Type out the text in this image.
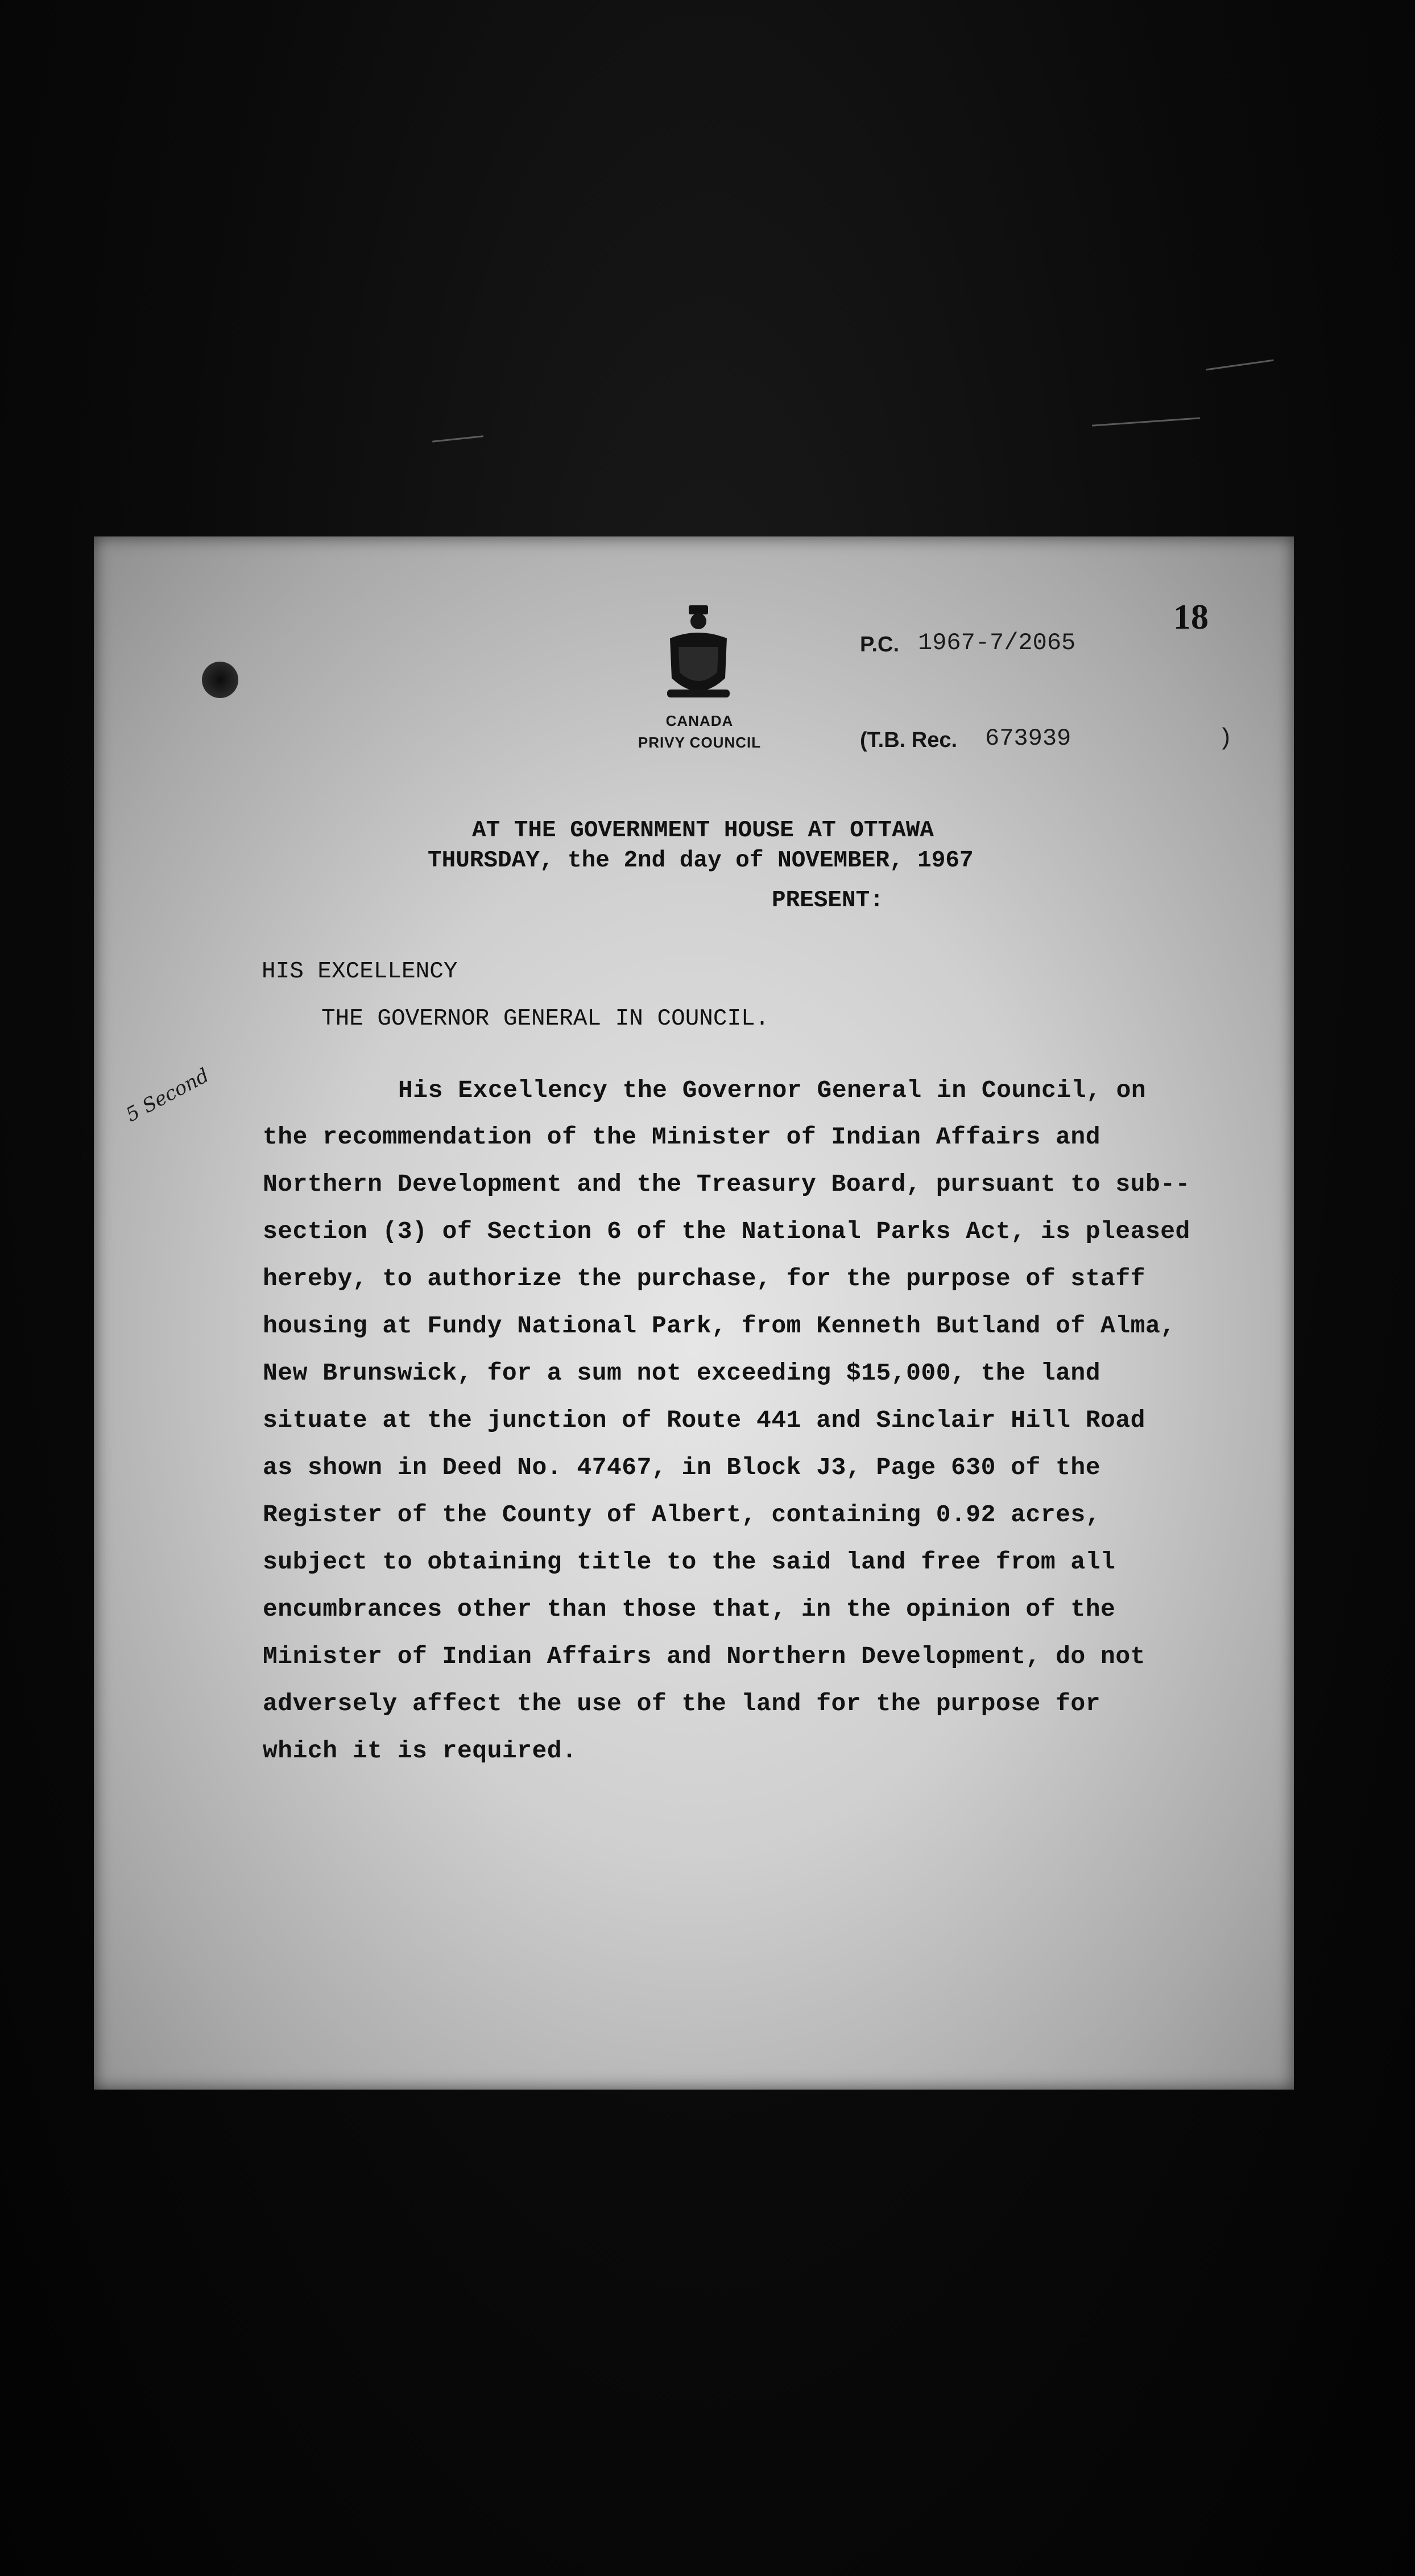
18
CANADA
PRIVY COUNCIL
P.C. 1967-7/2065
(T.B. Rec. 673939	)
AT THE GOVERNMENT HOUSE AT OTTAWA
THURSDAY, the 2nd day of NOVEMBER, 1967
PRESENT:
HIS EXCELLENCY
THE GOVERNOR GENERAL IN COUNCIL.
5 Second	His Excellency the Governor General in Council, on
the recommendation of the Minister of Indian Affairs and
Northern Development and the Treasury Board, pursuant to sub--
section (3) of Section 6 of the National Parks Act, is pleased
hereby, to authorize the purchase, for the purpose of staff
housing at Fundy National Park, from Kenneth Butland of Alma,
New Brunswick, for a sum not exceeding $15,000, the land
situate at the junction of Route 441 and Sinclair Hill Road
as shown in Deed No. 47467, in Block J3, Page 630 of the
Register of the County of Albert, containing 0.92 acres,
subject to obtaining title to the said land free from all
encumbrances other than those that, in the opinion of the
Minister of Indian Affairs and Northern Development, do not
adversely affect the use of the land for the purpose for
which it is required.
